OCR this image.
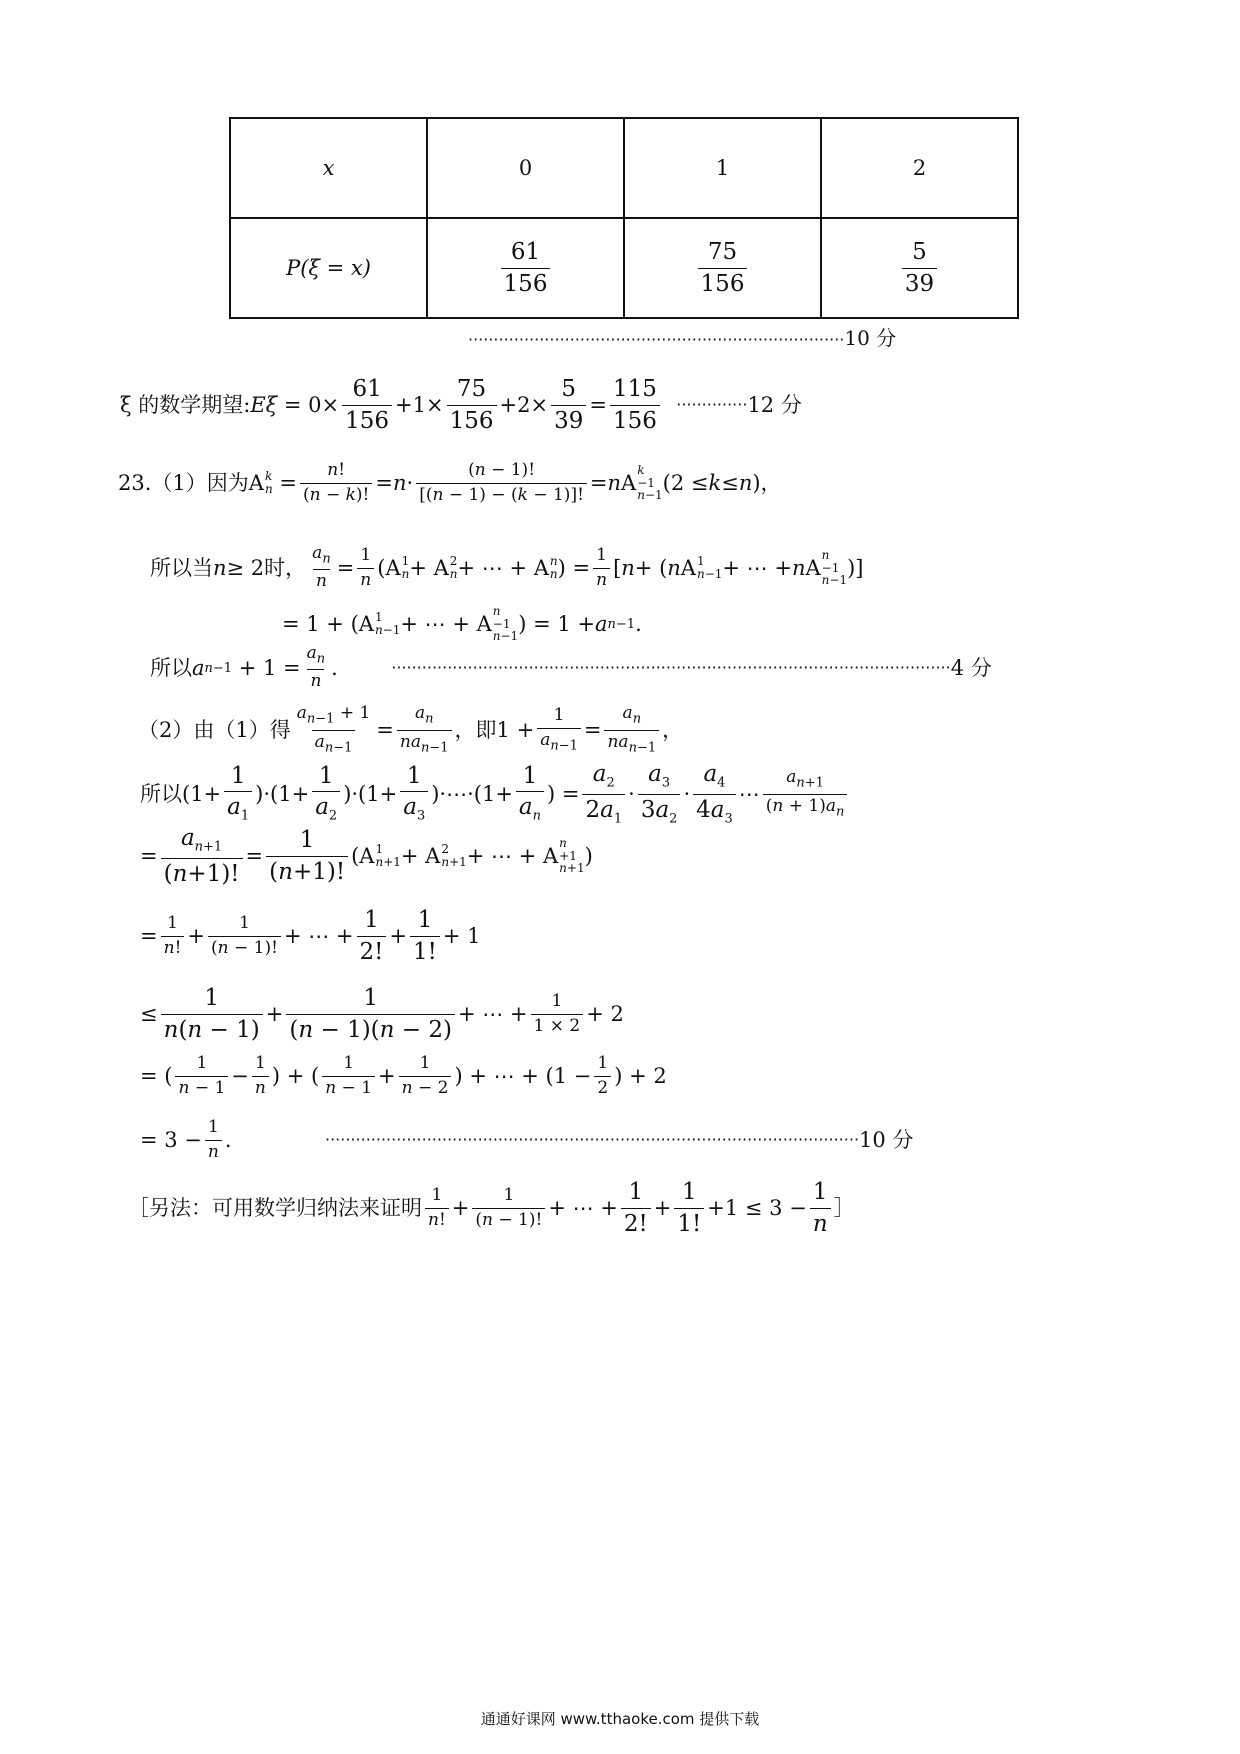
x	0	1	2
P(ξ = x)	$\frac{61}{156}$	$\frac{75}{156}$	$\frac{5}{39}$
··········································································10 分
ξ 的数学期望: $E\xi = 0\times \frac{61}{156} +1\times \frac{75}{156} +2\times \frac{5}{39} = \frac{115}{156}$
·············· 12 分
23.（1）因为 A k
$n = \frac{n!}{(n - k)!} = n \cdot \frac{(n - 1)!}{[(n - 1) - (k - 1)]!} = n$ A
k
−1
n−1
(2 ≤ k ≤ n )，
所以当 n ≥ 2 时， $\frac{a_n}{n} = \frac{1}{n} (A$ 1
n + A 2
n + ⋯ + A n
n ) = $\frac{1}{n}$ [ n + ( n A 1
n−1 + ⋯ + n A
n
−1
n−1
)]
= 1 + (A 1
n−1 + ⋯ + A
n
−1
n−1
) = 1 + a n−1 .
所以 a $n-1 + 1 = \frac{a_n}{n}$ . ·············································································································· 4 分
（2）由（1）得 $\frac{a_{n-1} + 1}{a_{n-1}} = \frac{a_n}{na_{n-1}}$ ，即 $1 + \frac{1}{a_{n-1}} = \frac{a_n}{na_{n-1}}$ ，
所以 $(1+ \frac{1}{a_1} )\cdot(1+ \frac{1}{a_2} )\cdot(1+ \frac{1}{a_3}$ )·⋯·(1+ $\frac{1}{a_n}$ ) = $\frac{a_2}{2a_1} \cdot \frac{a_3}{3a_2} \cdot \frac{a_4}{4a_3}$ ⋯ $\frac{a_{n+1}}{(n + 1)a_n}$
= $\frac{a_{n+1}}{(n+1)!} = \frac{1}{(n+1)!} (A$ 1
n+1 + A 2
n+1 + ⋯ + A
n
+1
n+1
)
= $\frac{1}{n!} + \frac{1}{(n - 1)!}$ + ⋯ + $\frac{1}{2!} + \frac{1}{1!} + 1$
≤ $\frac{1}{n(n - 1)} + \frac{1}{(n - 1)(n - 2)}$ + ⋯ + $\frac{1}{1 \times 2} + 2$
= ( $\frac{1}{n - 1} - \frac{1}{n}$ ) + ( $\frac{1}{n - 1} + \frac{1}{n - 2}$ ) + ⋯ + ($1 - \frac{1}{2}$ ) + 2
= $3 - \frac{1}{n}$ . ········································································································· 10 分
［另法：可用数学归纳法来证明 $\frac{1}{n!} + \frac{1}{(n - 1)!}$ + ⋯ + $\frac{1}{2!} + \frac{1}{1!} +1 \le 3 - \frac{1}{n}$ ］
通通好课网 www.tthaoke.com 提供下载
